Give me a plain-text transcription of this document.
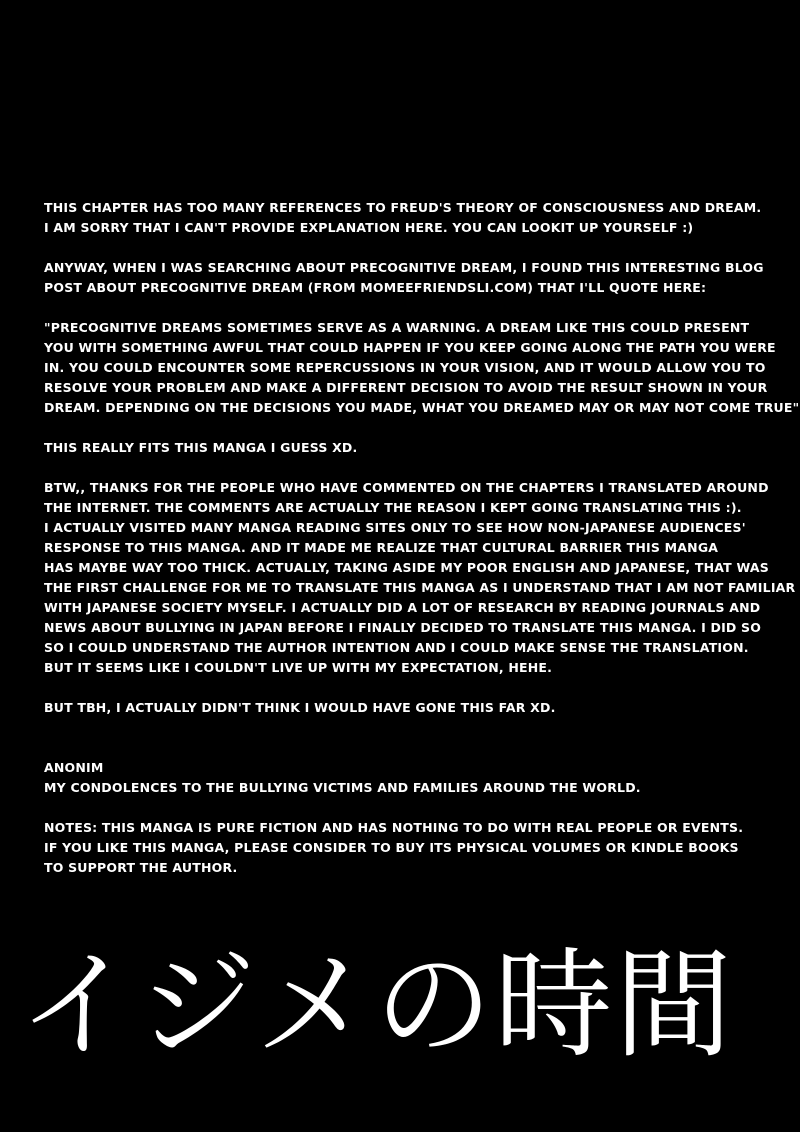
THIS CHAPTER HAS TOO MANY REFERENCES TO FREUD'S THEORY OF CONSCIOUSNESS AND DREAM.
I AM SORRY THAT I CAN'T PROVIDE EXPLANATION HERE. YOU CAN LOOKIT UP YOURSELF :)
ANYWAY, WHEN I WAS SEARCHING ABOUT PRECOGNITIVE DREAM, I FOUND THIS INTERESTING BLOG
POST ABOUT PRECOGNITIVE DREAM (FROM MOMEEFRIENDSLI.COM) THAT I'LL QUOTE HERE:
"PRECOGNITIVE DREAMS SOMETIMES SERVE AS A WARNING. A DREAM LIKE THIS COULD PRESENT
YOU WITH SOMETHING AWFUL THAT COULD HAPPEN IF YOU KEEP GOING ALONG THE PATH YOU WERE
IN. YOU COULD ENCOUNTER SOME REPERCUSSIONS IN YOUR VISION, AND IT WOULD ALLOW YOU TO
RESOLVE YOUR PROBLEM AND MAKE A DIFFERENT DECISION TO AVOID THE RESULT SHOWN IN YOUR
DREAM. DEPENDING ON THE DECISIONS YOU MADE, WHAT YOU DREAMED MAY OR MAY NOT COME TRUE"
THIS REALLY FITS THIS MANGA I GUESS XD.
BTW,, THANKS FOR THE PEOPLE WHO HAVE COMMENTED ON THE CHAPTERS I TRANSLATED AROUND
THE INTERNET. THE COMMENTS ARE ACTUALLY THE REASON I KEPT GOING TRANSLATING THIS :).
I ACTUALLY VISITED MANY MANGA READING SITES ONLY TO SEE HOW NON-JAPANESE AUDIENCES'
RESPONSE TO THIS MANGA. AND IT MADE ME REALIZE THAT CULTURAL BARRIER THIS MANGA
HAS MAYBE WAY TOO THICK. ACTUALLY, TAKING ASIDE MY POOR ENGLISH AND JAPANESE, THAT WAS
THE FIRST CHALLENGE FOR ME TO TRANSLATE THIS MANGA AS I UNDERSTAND THAT I AM NOT FAMILIAR
WITH JAPANESE SOCIETY MYSELF. I ACTUALLY DID A LOT OF RESEARCH BY READING JOURNALS AND
NEWS ABOUT BULLYING IN JAPAN BEFORE I FINALLY DECIDED TO TRANSLATE THIS MANGA. I DID SO
SO I COULD UNDERSTAND THE AUTHOR INTENTION AND I COULD MAKE SENSE THE TRANSLATION.
BUT IT SEEMS LIKE I COULDN'T LIVE UP WITH MY EXPECTATION, HEHE.
BUT TBH, I ACTUALLY DIDN'T THINK I WOULD HAVE GONE THIS FAR XD.
ANONIM
MY CONDOLENCES TO THE BULLYING VICTIMS AND FAMILIES AROUND THE WORLD.
NOTES: THIS MANGA IS PURE FICTION AND HAS NOTHING TO DO WITH REAL PEOPLE OR EVENTS.
IF YOU LIKE THIS MANGA, PLEASE CONSIDER TO BUY ITS PHYSICAL VOLUMES OR KINDLE BOOKS
TO SUPPORT THE AUTHOR.
イジメの時間
